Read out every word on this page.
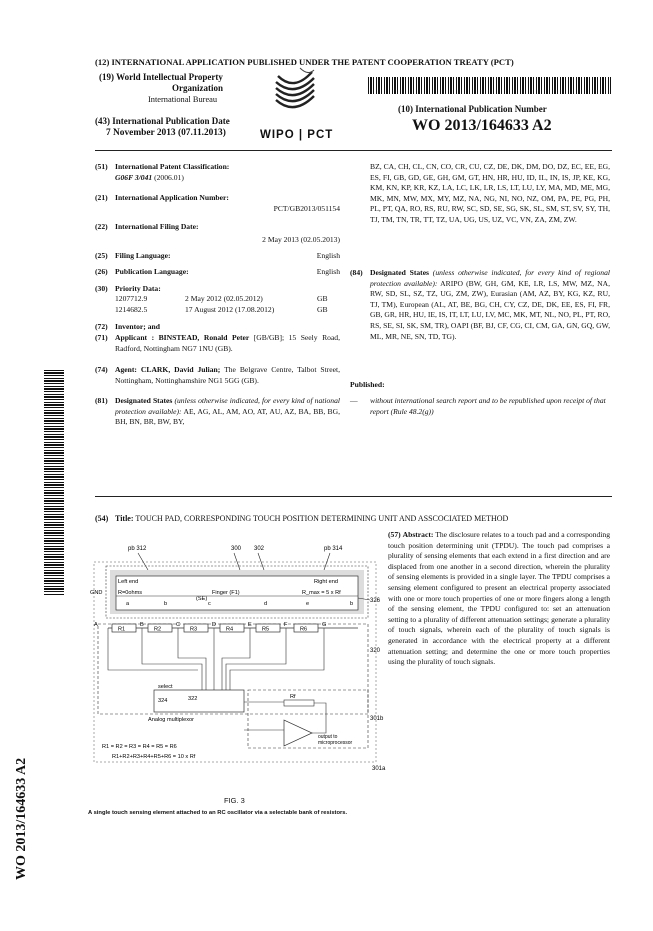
(12) INTERNATIONAL APPLICATION PUBLISHED UNDER THE PATENT COOPERATION TREATY (PCT)
(19) World Intellectual Property
Organization
International Bureau
(43) International Publication Date
7 November 2013 (07.11.2013)	WIPO | PCT
(10) International Publication Number
WO 2013/164633 A2
(51) International Patent Classification:
G06F 3/041 (2006.01)
(21) International Application Number:
PCT/GB2013/051154
(22) International Filing Date:
2 May 2013 (02.05.2013)
(25) Filing Language:	English
(26) Publication Language:	English
(30) Priority Data:
1207712.9	2 May 2012 (02.05.2012)	GB
1214682.5	17 August 2012 (17.08.2012)	GB
(72) Inventor; and
(71) Applicant : BINSTEAD, Ronald Peter [GB/GB]; 15 Seely Road, Radford, Nottingham NG7 1NU (GB).
(74) Agent: CLARK, David Julian; The Belgrave Centre, Talbot Street, Nottingham, Nottinghamshire NG1 5GG (GB).
(81) Designated States (unless otherwise indicated, for every kind of national protection available): AE, AG, AL, AM, AO, AT, AU, AZ, BA, BB, BG, BH, BN, BR, BW, BY,
BZ, CA, CH, CL, CN, CO, CR, CU, CZ, DE, DK, DM, DO, DZ, EC, EE, EG, ES, FI, GB, GD, GE, GH, GM, GT, HN, HR, HU, ID, IL, IN, IS, JP, KE, KG, KM, KN, KP, KR, KZ, LA, LC, LK, LR, LS, LT, LU, LY, MA, MD, ME, MG, MK, MN, MW, MX, MY, MZ, NA, NG, NI, NO, NZ, OM, PA, PE, PG, PH, PL, PT, QA, RO, RS, RU, RW, SC, SD, SE, SG, SK, SL, SM, ST, SV, SY, TH, TJ, TM, TN, TR, TT, TZ, UA, UG, US, UZ, VC, VN, ZA, ZM, ZW.
(84) Designated States (unless otherwise indicated, for every kind of regional protection available): ARIPO (BW, GH, GM, KE, LR, LS, MW, MZ, NA, RW, SD, SL, SZ, TZ, UG, ZM, ZW), Eurasian (AM, AZ, BY, KG, KZ, RU, TJ, TM), European (AL, AT, BE, BG, CH, CY, CZ, DE, DK, EE, ES, FI, FR, GB, GR, HR, HU, IE, IS, IT, LT, LU, LV, MC, MK, MT, NL, NO, PL, PT, RO, RS, SE, SI, SK, SM, TR), OAPI (BF, BJ, CF, CG, CI, CM, GA, GN, GQ, GW, ML, MR, NE, SN, TD, TG).
Published:
—	without international search report and to be republished upon receipt of that report (Rule 48.2(g))
WO 2013/164633 A2
(54) Title: TOUCH PAD, CORRESPONDING TOUCH POSITION DETERMINING UNIT AND ASSCOCIATED METHOD
(57) Abstract: The disclosure relates to a touch pad and a corresponding touch position determining unit (TPDU). The touch pad comprises a plurality of sensing elements that each extend in a first direction and are displaced from one another in a second direction, wherein the plurality of sensing elements is provided in a single layer. The TPDU comprises a sensing element configured to present an electrical property associated with one or more touch properties of one or more fingers along a length of the sensing element, the TPDU configured to: set an attenuation setting to a plurality of different attenuation settings; generate a plurality of touch signals, wherein each of the plurality of touch signals is generated in accordance with the electrical property at a different attenuation setting; and determine the one or more touch properties using the plurality of touch signals.
pb 312	300 302	pb 314
Left end	Right end
GND	R=0ohms
(SE)
Finger (F1)	R_max = 5 x Rf
a	b	c	d	e	b	326
320
A	B	C	D	E	F	G
R1	R2	R3	R4	R5	R6
select
324	322
Analog multiplexor	301b
Rf
output to
microprocessor
R1 = R2 = R3 = R4 = R5 = R6
R1+R2+R3+R4+R5+R6 = 10 x Rf
301a
FIG. 3
A single touch sensing element attached to an RC oscillator via a selectable bank of resistors.
